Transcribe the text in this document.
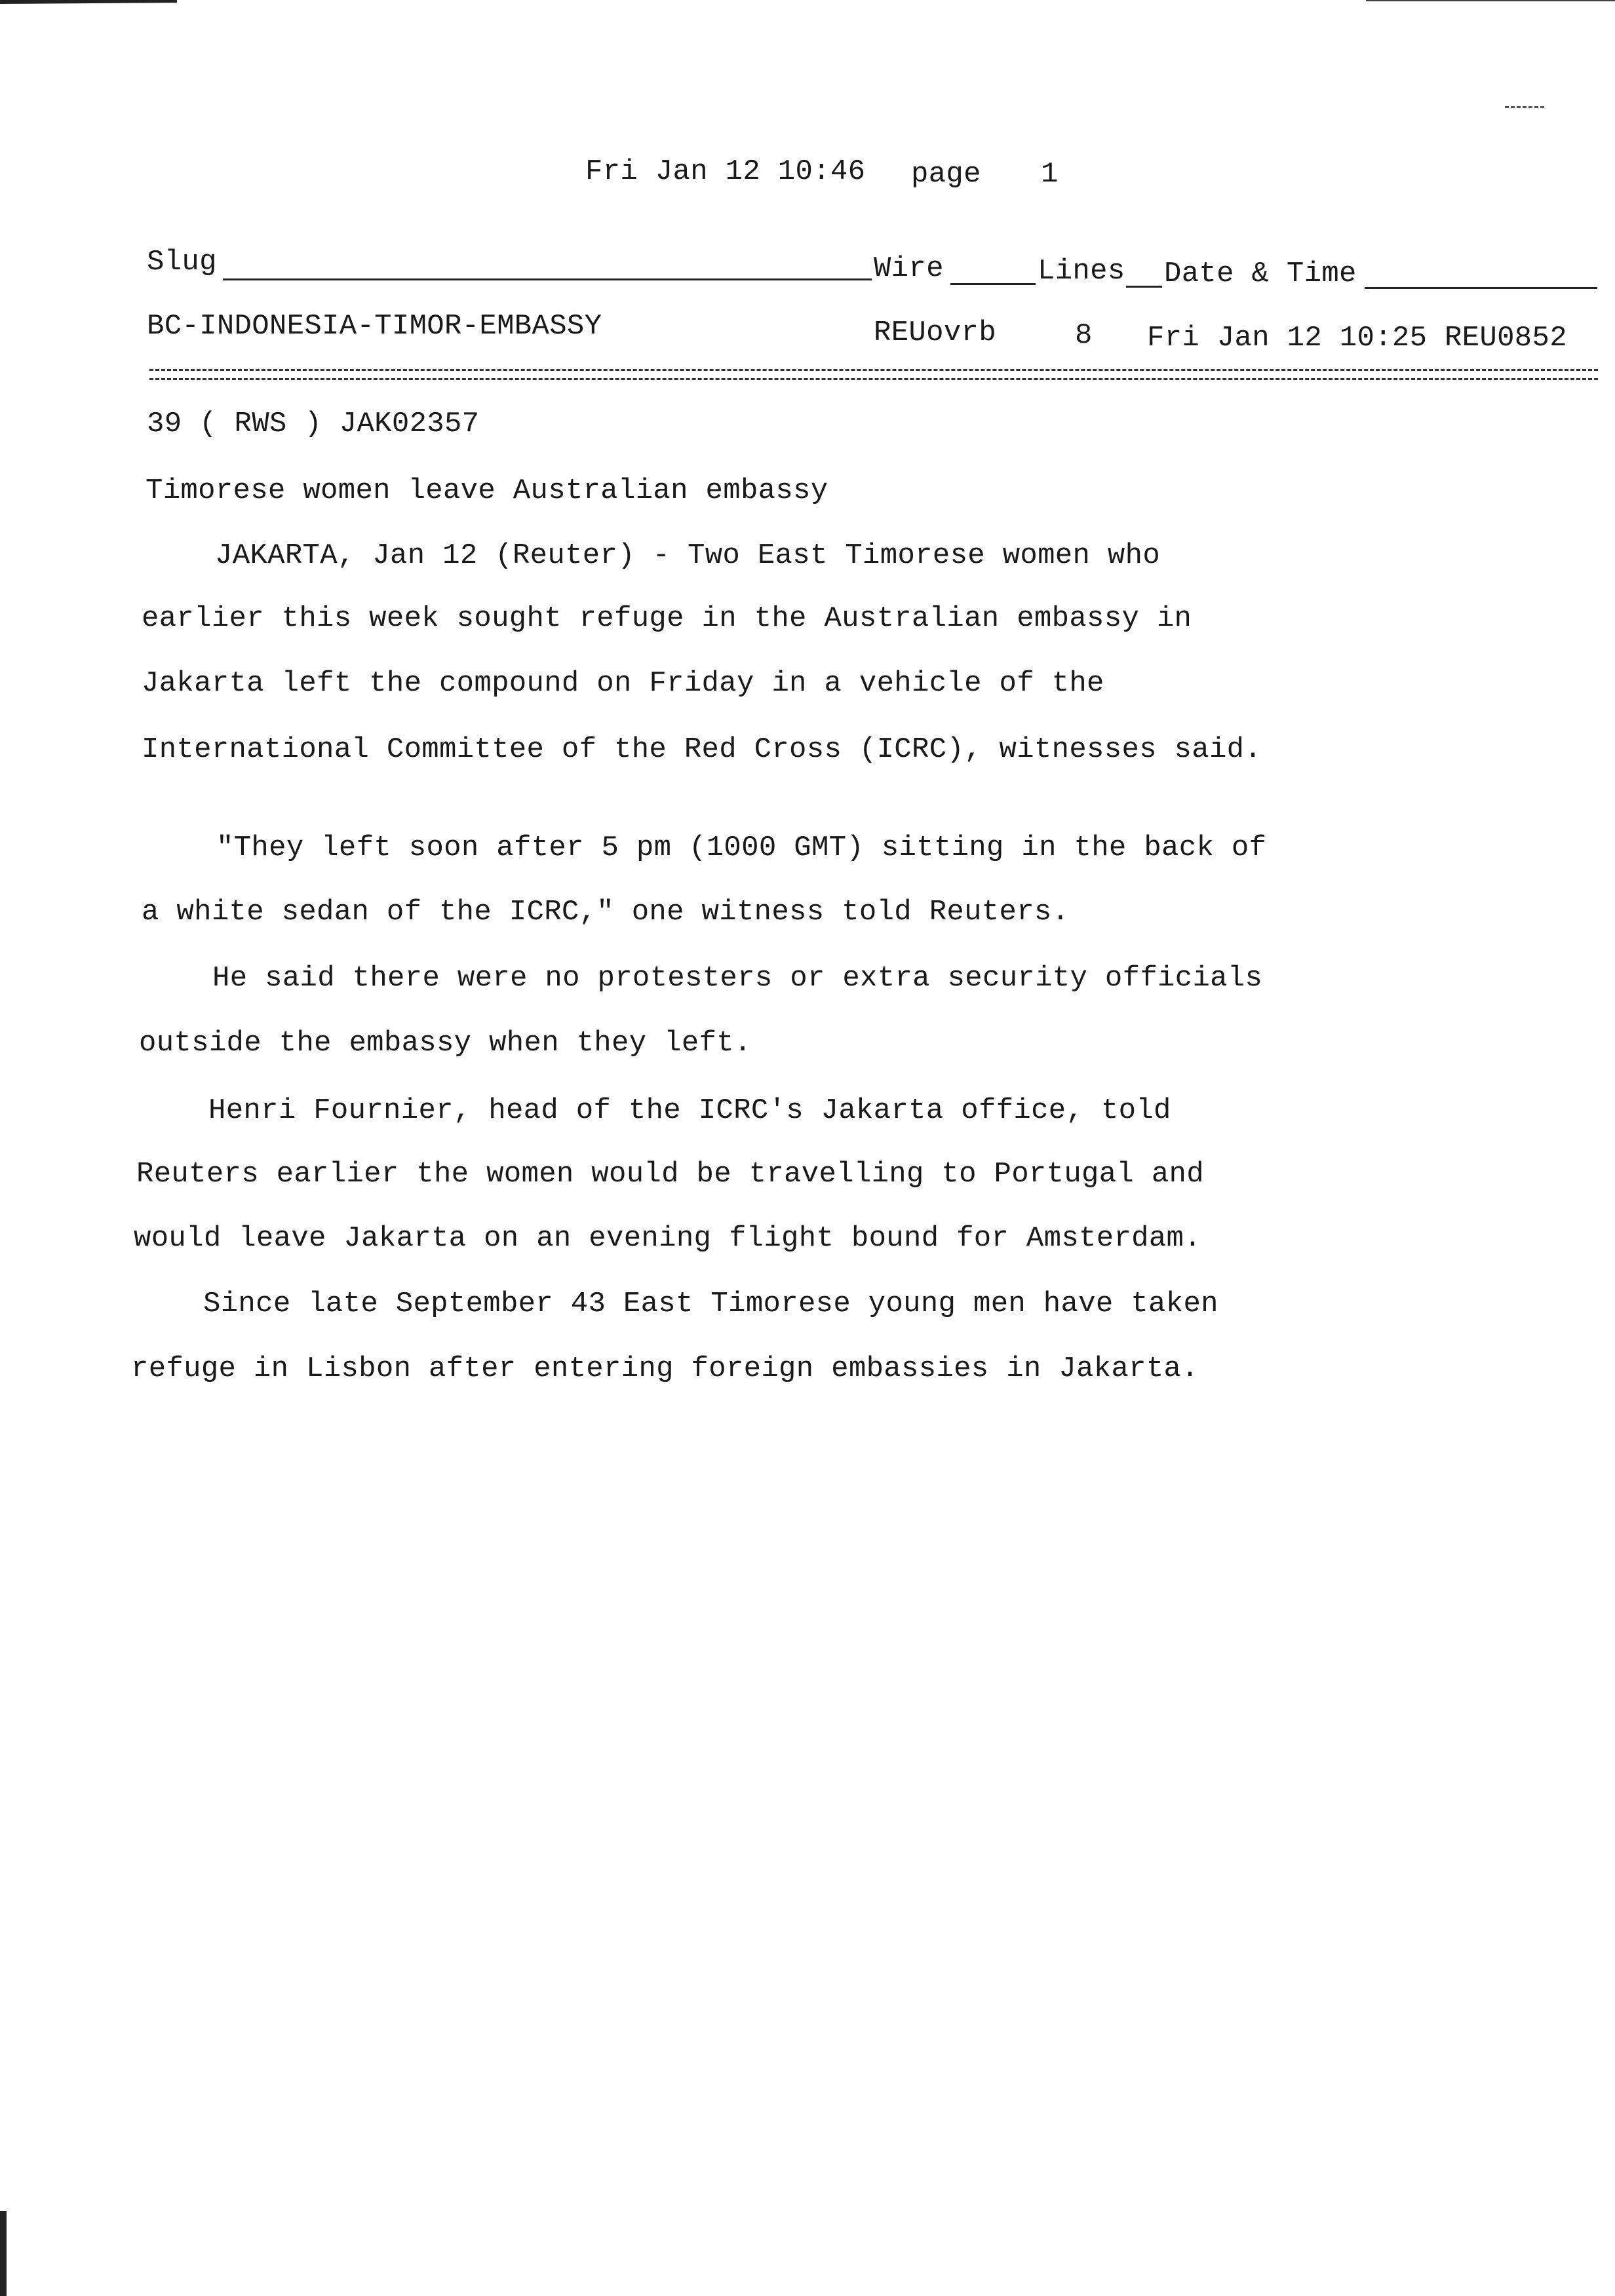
Fri Jan 12 10:46 page 1
Slug	Wire	Lines Date & Time
BC-INDONESIA-TIMOR-EMBASSY	REUovrb	8 Fri Jan 12 10:25 REU0852
39 ( RWS ) JAK02357
Timorese women leave Australian embassy
JAKARTA, Jan 12 (Reuter) - Two East Timorese women who
earlier this week sought refuge in the Australian embassy in
Jakarta left the compound on Friday in a vehicle of the
International Committee of the Red Cross (ICRC), witnesses said.
"They left soon after 5 pm (1000 GMT) sitting in the back of
a white sedan of the ICRC," one witness told Reuters.
He said there were no protesters or extra security officials
outside the embassy when they left.
Henri Fournier, head of the ICRC's Jakarta office, told
Reuters earlier the women would be travelling to Portugal and
would leave Jakarta on an evening flight bound for Amsterdam.
Since late September 43 East Timorese young men have taken
refuge in Lisbon after entering foreign embassies in Jakarta.
